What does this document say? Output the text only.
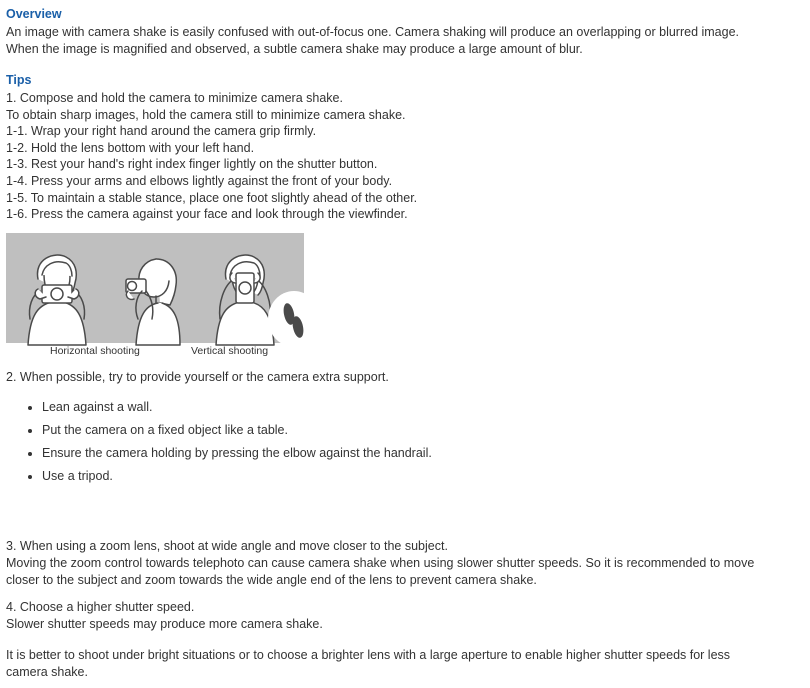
Overview

An image with camera shake is easily confused with out-of-focus one. Camera shaking will produce an overlapping or blurred image.

When the image is magnified and observed, a subtle camera shake may produce a large amount of blur.

Tips
1. Compose and hold the camera to minimize camera shake.
To obtain sharp images, hold the camera still to minimize camera shake.
1-1. Wrap your right hand around the camera grip firmly.
1-2. Hold the lens bottom with your left hand.
1-3. Rest your hand's right index finger lightly on the shutter button.
1-4. Press your arms and elbows lightly against the front of your body.
1-5. To maintain a stable stance, place one foot slightly ahead of the other.
1-6. Press the camera against your face and look through the viewfinder.
Horizontal shooting	Vertical shooting

2. When possible, try to provide yourself or the camera extra support.

Lean against a wall.
Put the camera on a fixed object like a table.
Ensure the camera holding by pressing the elbow against the handrail.
Use a tripod.

3. When using a zoom lens, shoot at wide angle and move closer to the subject.

Moving the zoom control towards telephoto can cause camera shake when using slower shutter speeds. So it is recommended to move

closer to the subject and zoom towards the wide angle end of the lens to prevent camera shake.

4. Choose a higher shutter speed.

Slower shutter speeds may produce more camera shake.

It is better to shoot under bright situations or to choose a brighter lens with a large aperture to enable higher shutter speeds for less

camera shake.
